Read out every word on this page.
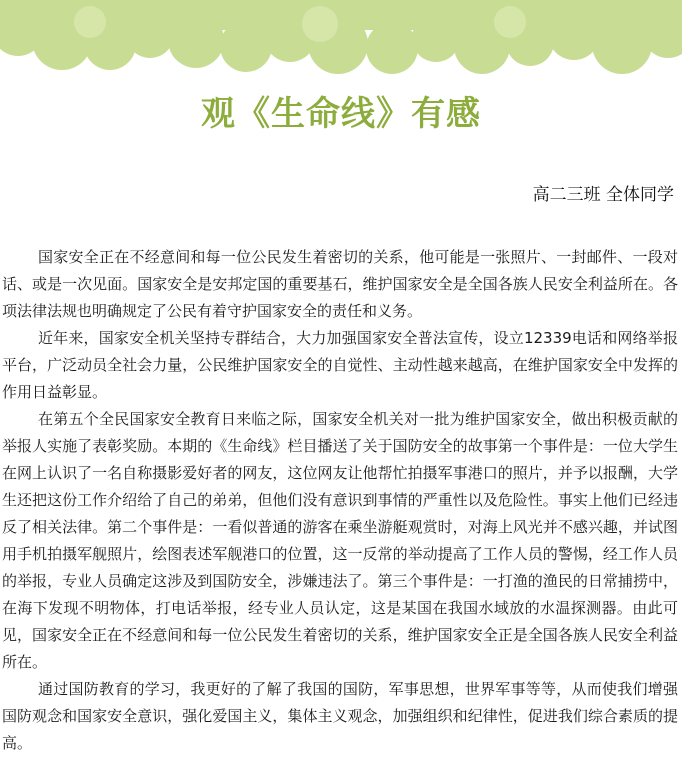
观《生命线》有感

高二三班 全体同学

国家安全正在不经意间和每一位公民发生着密切的关系，他可能是一张照片、一封邮件、一段对话、或是一次见面。国家安全是安邦定国的重要基石，维护国家安全是全国各族人民安全利益所在。各项法律法规也明确规定了公民有着守护国家安全的责任和义务。

近年来，国家安全机关坚持专群结合，大力加强国家安全普法宣传，设立12339电话和网络举报平台，广泛动员全社会力量，公民维护国家安全的自觉性、主动性越来越高，在维护国家安全中发挥的作用日益彰显。

在第五个全民国家安全教育日来临之际，国家安全机关对一批为维护国家安全，做出积极贡献的举报人实施了表彰奖励。本期的《生命线》栏目播送了关于国防安全的故事第一个事件是：一位大学生在网上认识了一名自称摄影爱好者的网友，这位网友让他帮忙拍摄军事港口的照片，并予以报酬，大学生还把这份工作介绍给了自己的弟弟，但他们没有意识到事情的严重性以及危险性。事实上他们已经违反了相关法律。第二个事件是：一看似普通的游客在乘坐游艇观赏时，对海上风光并不感兴趣，并试图用手机拍摄军舰照片，绘图表述军舰港口的位置，这一反常的举动提高了工作人员的警惕，经工作人员的举报，专业人员确定这涉及到国防安全，涉嫌违法了。第三个事件是：一打渔的渔民的日常捕捞中，在海下发现不明物体，打电话举报，经专业人员认定，这是某国在我国水域放的水温探测器。由此可见，国家安全正在不经意间和每一位公民发生着密切的关系，维护国家安全正是全国各族人民安全利益所在。

通过国防教育的学习，我更好的了解了我国的国防，军事思想，世界军事等等，从而使我们增强国防观念和国家安全意识，强化爱国主义，集体主义观念，加强组织和纪律性，促进我们综合素质的提高。
